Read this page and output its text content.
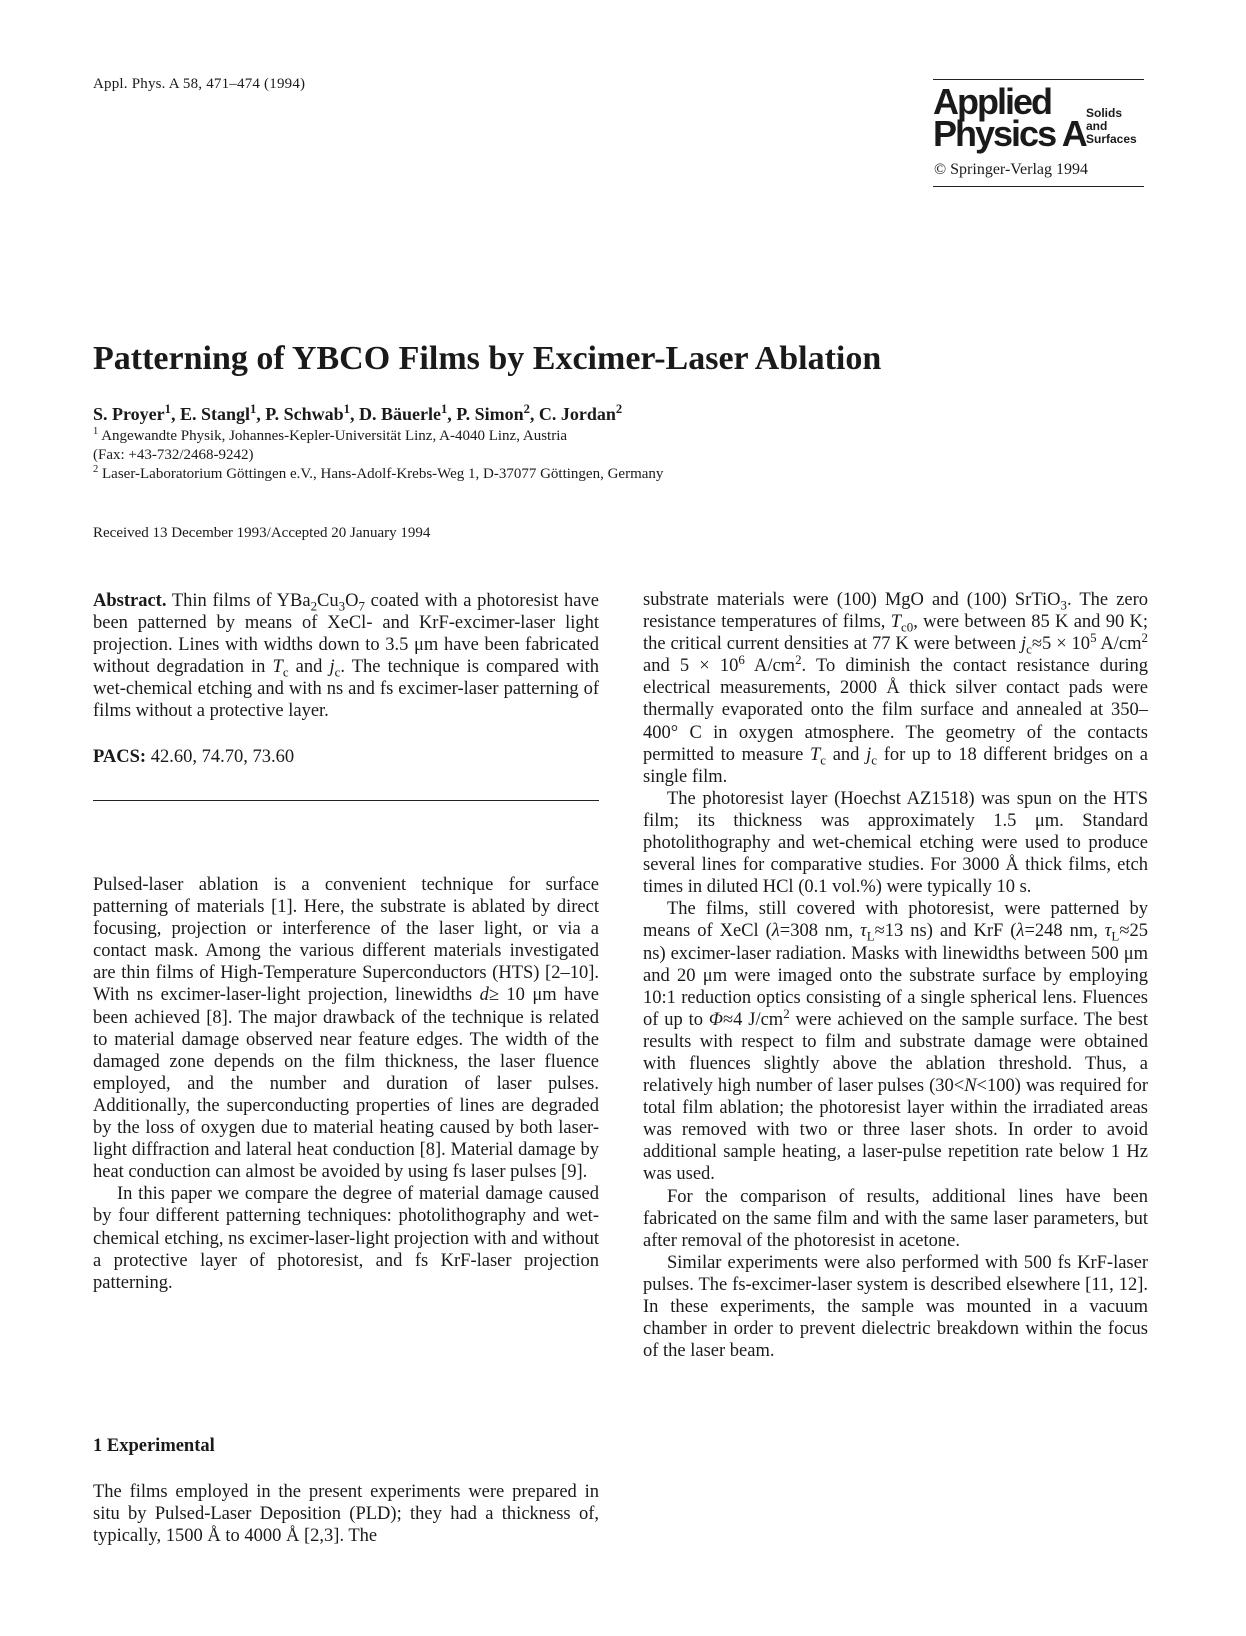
Appl. Phys. A 58, 471–474 (1994)	Applied
Physics A Solids
and
Surfaces
© Springer-Verlag 1994
Patterning of YBCO Films by Excimer-Laser Ablation
S. Proyer$^1$, E. Stangl$^1$, P. Schwab$^1$, D. Bäuerle$^1$, P. Simon$^2$, C. Jordan$^2$
$^1$ Angewandte Physik, Johannes-Kepler-Universität Linz, A-4040 Linz, Austria
(Fax: +43-732/2468-9242)
$^2$ Laser-Laboratorium Göttingen e.V., Hans-Adolf-Krebs-Weg 1, D-37077 Göttingen, Germany
Received 13 December 1993/Accepted 20 January 1994

Abstract. Thin films of $YBa_2Cu_3O_7$ coated with a photoresist have been patterned by means of XeCl- and KrF-excimer-laser light projection. Lines with widths down to 3.5 μm have been fabricated without degradation in $T_c$ and $j_c$. The technique is compared with wet-chemical etching and with ns and fs excimer-laser patterning of films without a protective layer.

PACS: 42.60, 74.70, 73.60

Pulsed-laser ablation is a convenient technique for surface patterning of materials [1]. Here, the substrate is ablated by direct focusing, projection or interference of the laser light, or via a contact mask. Among the various different materials investigated are thin films of High-Temperature Superconductors (HTS) [2–10]. With ns excimer-laser-light projection, linewidths d≥ 10 μm have been achieved [8]. The major drawback of the technique is related to material damage observed near feature edges. The width of the damaged zone depends on the film thickness, the laser fluence employed, and the number and duration of laser pulses. Additionally, the superconducting properties of lines are degraded by the loss of oxygen due to material heating caused by both laser-light diffraction and lateral heat conduction [8]. Material damage by heat conduction can almost be avoided by using fs laser pulses [9].

In this paper we compare the degree of material damage caused by four different patterning techniques: photolithography and wet-chemical etching, ns excimer-laser-light projection with and without a protective layer of photoresist, and fs KrF-laser projection patterning.

1 Experimental

The films employed in the present experiments were prepared in situ by Pulsed-Laser Deposition (PLD); they had a thickness of, typically, 1500 Å to 4000 Å [2,3]. The

substrate materials were (100) MgO and (100) SrTiO$_3$. The zero resistance temperatures of films, $T_{c0}$, were between 85 K and 90 K; the critical current densities at 77 K were between $j_c\approx 5 \times 10^5$ $A/cm^2$ and $5 \times 10^6$ $A/cm^2$. To diminish the contact resistance during electrical measurements, 2000 Å thick silver contact pads were thermally evaporated onto the film surface and annealed at 350–400° C in oxygen atmosphere. The geometry of the contacts permitted to measure $T_c$ and $j_c$ for up to 18 different bridges on a single film.

The photoresist layer (Hoechst AZ1518) was spun on the HTS film; its thickness was approximately 1.5 μm. Standard photolithography and wet-chemical etching were used to produce several lines for comparative studies. For 3000 Å thick films, etch times in diluted HCl (0.1 vol.%) were typically 10 s.

The films, still covered with photoresist, were patterned by means of XeCl (λ=308 nm, $\tau_L\approx 13$ ns) and KrF (λ=248 nm, $\tau_L\approx 25$ ns) excimer-laser radiation. Masks with linewidths between 500 μm and 20 μm were imaged onto the substrate surface by employing 10:1 reduction optics consisting of a single spherical lens. Fluences of up to Φ≈4 $J/cm^2$ were achieved on the sample surface. The best results with respect to film and substrate damage were obtained with fluences slightly above the ablation threshold. Thus, a relatively high number of laser pulses (30<N<100) was required for total film ablation; the photoresist layer within the irradiated areas was removed with two or three laser shots. In order to avoid additional sample heating, a laser-pulse repetition rate below 1 Hz was used.

For the comparison of results, additional lines have been fabricated on the same film and with the same laser parameters, but after removal of the photoresist in acetone.

Similar experiments were also performed with 500 fs KrF-laser pulses. The fs-excimer-laser system is described elsewhere [11, 12]. In these experiments, the sample was mounted in a vacuum chamber in order to prevent dielectric breakdown within the focus of the laser beam.
